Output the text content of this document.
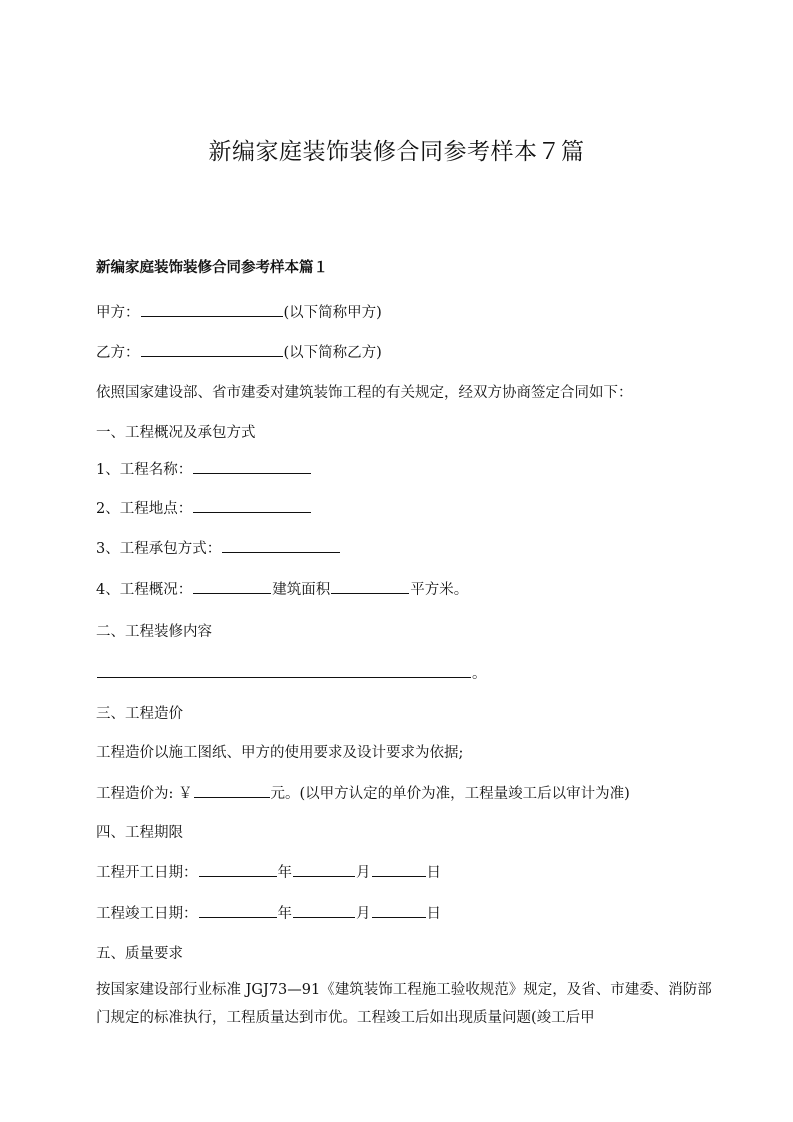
新编家庭装饰装修合同参考样本７篇
新编家庭装饰装修合同参考样本篇１
甲方：	(以下简称甲方)
乙方：	(以下简称乙方)
依照国家建设部、省市建委对建筑装饰工程的有关规定，经双方协商签定合同如下：
一、工程概况及承包方式
1、工程名称：
2、工程地点：
3、工程承包方式：
4、工程概况：	建筑面积	平方米。
二、工程装修内容
。
三、工程造价
工程造价以施工图纸、甲方的使用要求及设计要求为依据;
工程造价为: ￥	元。(以甲方认定的单价为准，工程量竣工后以审计为准)
四、工程期限
工程开工日期：	年	月	日
工程竣工日期：	年	月	日
五、质量要求
按国家建设部行业标准 JGJ73—91《建筑装饰工程施工验收规范》规定，及省、市建委、消防部门规定的标准执行，工程质量达到市优。工程竣工后如出现质量问题(竣工后甲
